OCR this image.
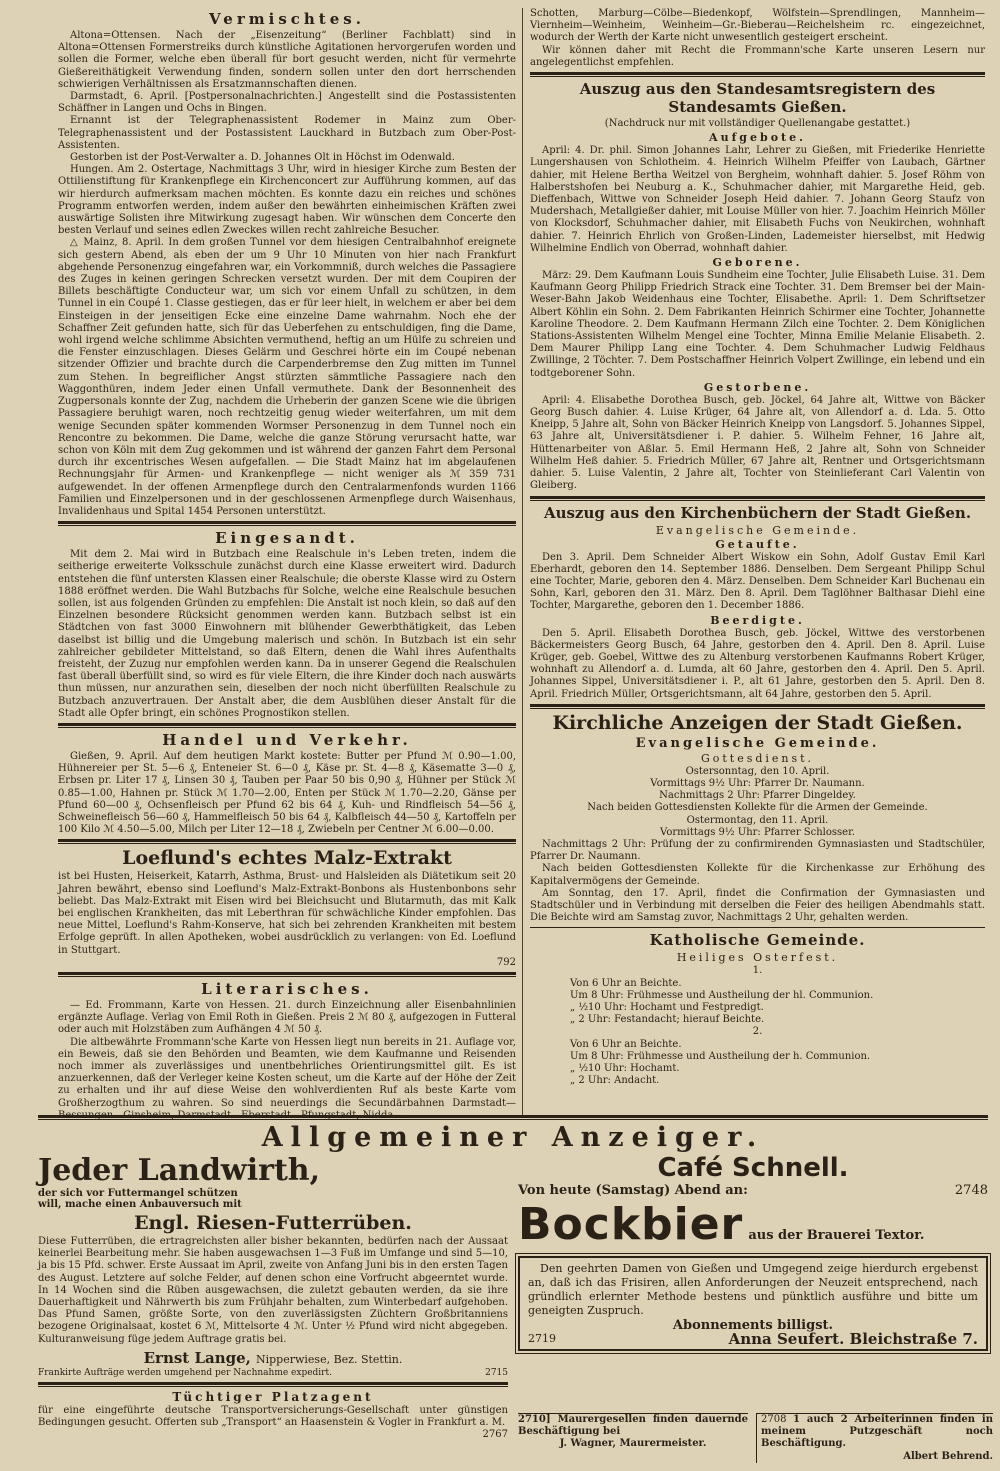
Vermischtes.

Altona=Ottensen. Nach der „Eisenzeitung“ (Berliner Fachblatt) sind in Altona=Ottensen Formerstreiks durch künstliche Agitationen hervorgerufen worden und sollen die Former, welche eben überall für bort gesucht werden, nicht für vermehrte Gießereithätigkeit Verwendung finden, sondern sollen unter den dort herrschenden schwierigen Verhältnissen als Ersatzmannschaften dienen.

Darmstadt, 6. April. [Postpersonalnachrichten.] Angestellt sind die Postassistenten Schäffner in Langen und Ochs in Bingen.

Ernannt ist der Telegraphenassistent Rodemer in Mainz zum Ober-Telegraphenassistent und der Postassistent Lauckhard in Butzbach zum Ober-Post-Assistenten.

Gestorben ist der Post-Verwalter a. D. Johannes Olt in Höchst im Odenwald.

Hungen. Am 2. Ostertage, Nachmittags 3 Uhr, wird in hiesiger Kirche zum Besten der Ottilienstiftung für Krankenpflege ein Kirchenconcert zur Aufführung kommen, auf das wir hierdurch aufmerksam machen möchten. Es konnte dazu ein reiches und schönes Programm entworfen werden, indem außer den bewährten einheimischen Kräften zwei auswärtige Solisten ihre Mitwirkung zugesagt haben. Wir wünschen dem Concerte den besten Verlauf und seines edlen Zweckes willen recht zahlreiche Besucher.

△ Mainz, 8. April. In dem großen Tunnel vor dem hiesigen Centralbahnhof ereignete sich gestern Abend, als eben der um 9 Uhr 10 Minuten von hier nach Frankfurt abgehende Personenzug eingefahren war, ein Vorkommniß, durch welches die Passagiere des Zuges in keinen geringen Schrecken versetzt wurden. Der mit dem Coupiren der Billets beschäftigte Conducteur war, um sich vor einem Unfall zu schützen, in dem Tunnel in ein Coupé 1. Classe gestiegen, das er für leer hielt, in welchem er aber bei dem Einsteigen in der jenseitigen Ecke eine einzelne Dame wahrnahm. Noch ehe der Schaffner Zeit gefunden hatte, sich für das Ueberfehen zu entschuldigen, fing die Dame, wohl irgend welche schlimme Absichten vermuthend, heftig an um Hülfe zu schreien und die Fenster einzuschlagen. Dieses Gelärm und Geschrei hörte ein im Coupé nebenan sitzender Offizier und brachte durch die Carpenderbremse den Zug mitten im Tunnel zum Stehen. In begreiflicher Angst stürzten sämmtliche Passagiere nach den Waggonthüren, indem Jeder einen Unfall vermuthete. Dank der Besonnenheit des Zugpersonals konnte der Zug, nachdem die Urheberin der ganzen Scene wie die übrigen Passagiere beruhigt waren, noch rechtzeitig genug wieder weiterfahren, um mit dem wenige Secunden später kommenden Wormser Personenzug in dem Tunnel noch ein Rencontre zu bekommen. Die Dame, welche die ganze Störung verursacht hatte, war schon von Köln mit dem Zug gekommen und ist während der ganzen Fahrt dem Personal durch ihr excentrisches Wesen aufgefallen. — Die Stadt Mainz hat im abgelaufenen Rechnungsjahr für Armen- und Krankenpflege — nicht weniger als ℳ 359 731 aufgewendet. In der offenen Armenpflege durch den Centralarmenfonds wurden 1166 Familien und Einzelpersonen und in der geschlossenen Armenpflege durch Waisenhaus, Invalidenhaus und Spital 1454 Personen unterstützt.

Eingesandt.

Mit dem 2. Mai wird in Butzbach eine Realschule in's Leben treten, indem die seitherige erweiterte Volksschule zunächst durch eine Klasse erweitert wird. Dadurch entstehen die fünf untersten Klassen einer Realschule; die oberste Klasse wird zu Ostern 1888 eröffnet werden. Die Wahl Butzbachs für Solche, welche eine Realschule besuchen sollen, ist aus folgenden Gründen zu empfehlen: Die Anstalt ist noch klein, so daß auf den Einzelnen besondere Rücksicht genommen werden kann. Butzbach selbst ist ein Städtchen von fast 3000 Einwohnern mit blühender Gewerbthätigkeit, das Leben daselbst ist billig und die Umgebung malerisch und schön. In Butzbach ist ein sehr zahlreicher gebildeter Mittelstand, so daß Eltern, denen die Wahl ihres Aufenthalts freisteht, der Zuzug nur empfohlen werden kann. Da in unserer Gegend die Realschulen fast überall überfüllt sind, so wird es für viele Eltern, die ihre Kinder doch nach auswärts thun müssen, nur anzurathen sein, dieselben der noch nicht überfüllten Realschule zu Butzbach anzuvertrauen. Der Anstalt aber, die dem Ausblühen dieser Anstalt für die Stadt alle Opfer bringt, ein schönes Prognostikon stellen.

Handel und Verkehr.

Gießen, 9. April. Auf dem heutigen Markt kostete: Butter per Pfund ℳ 0.90—1.00, Hühnereier per St. 5—6 ₰, Enteneier St. 6—0 ₰, Käse pr. St. 4—8 ₰, Käsematte 3—0 ₰, Erbsen pr. Liter 17 ₰, Linsen 30 ₰, Tauben per Paar 50 bis 0,90 ₰, Hühner per Stück ℳ 0.85—1.00, Hahnen pr. Stück ℳ 1.70—2.00, Enten per Stück ℳ 1.70—2.20, Gänse per Pfund 60—00 ₰, Ochsenfleisch per Pfund 62 bis 64 ₰, Kuh- und Rindfleisch 54—56 ₰, Schweinefleisch 56—60 ₰, Hammelfleisch 50 bis 64 ₰, Kalbfleisch 44—50 ₰, Kartoffeln per 100 Kilo ℳ 4.50—5.00, Milch per Liter 12—18 ₰, Zwiebeln per Centner ℳ 6.00—0.00.

Loeflund's echtes Malz-Extrakt

ist bei Husten, Heiserkeit, Katarrh, Asthma, Brust- und Halsleiden als Diätetikum seit 20 Jahren bewährt, ebenso sind Loeflund's Malz-Extrakt-Bonbons als Hustenbonbons sehr beliebt. Das Malz-Extrakt mit Eisen wird bei Bleichsucht und Blutarmuth, das mit Kalk bei englischen Krankheiten, das mit Leberthran für schwächliche Kinder empfohlen. Das neue Mittel, Loeflund's Rahm-Konserve, hat sich bei zehrenden Krankheiten mit bestem Erfolge geprüft. In allen Apotheken, wobei ausdrücklich zu verlangen: von Ed. Loeflund in Stuttgart.

792

Literarisches.

— Ed. Frommann, Karte von Hessen. 21. durch Einzeichnung aller Eisenbahnlinien ergänzte Auflage. Verlag von Emil Roth in Gießen. Preis 2 ℳ 80 ₰, aufgezogen in Futteral oder auch mit Holzstäben zum Aufhängen 4 ℳ 50 ₰.

Die altbewährte Frommann'sche Karte von Hessen liegt nun bereits in 21. Auflage vor, ein Beweis, daß sie den Behörden und Beamten, wie dem Kaufmanne und Reisenden noch immer als zuverlässiges und unentbehrliches Orientirungsmittel gilt. Es ist anzuerkennen, daß der Verleger keine Kosten scheut, um die Karte auf der Höhe der Zeit zu erhalten und ihr auf diese Weise den wohlverdienten Ruf als beste Karte vom Großherzogthum zu wahren. So sind neuerdings die Secundärbahnen Darmstadt—Bessungen—Ginsheim, Darmstadt—Eberstadt—Pfungstadt, Nidda—

Schotten, Marburg—Cölbe—Biedenkopf, Wölfstein—Sprendlingen, Mannheim—Viernheim—Weinheim, Weinheim—Gr.-Bieberau—Reichelsheim rc. eingezeichnet, wodurch der Werth der Karte nicht unwesentlich gesteigert erscheint.

Wir können daher mit Recht die Frommann'sche Karte unseren Lesern nur angelegentlichst empfehlen.

Auszug aus den Standesamtsregistern des Standesamts Gießen.

(Nachdruck nur mit vollständiger Quellenangabe gestattet.)

Aufgebote.

April: 4. Dr. phil. Simon Johannes Lahr, Lehrer zu Gießen, mit Friederike Henriette Lungershausen von Schlotheim. 4. Heinrich Wilhelm Pfeiffer von Laubach, Gärtner dahier, mit Helene Bertha Weitzel von Bergheim, wohnhaft dahier. 5. Josef Röhm von Halberstshofen bei Neuburg a. K., Schuhmacher dahier, mit Margarethe Heid, geb. Dieffenbach, Wittwe von Schneider Joseph Heid dahier. 7. Johann Georg Staufz von Mudershach, Metallgießer dahier, mit Louise Müller von hier. 7. Joachim Heinrich Möller von Klocksdorf, Schuhmacher dahier, mit Elisabeth Fuchs von Neukirchen, wohnhaft dahier. 7. Heinrich Ehrlich von Großen-Linden, Lademeister hierselbst, mit Hedwig Wilhelmine Endlich von Oberrad, wohnhaft dahier.

Geborene.

März: 29. Dem Kaufmann Louis Sundheim eine Tochter, Julie Elisabeth Luise. 31. Dem Kaufmann Georg Philipp Friedrich Strack eine Tochter. 31. Dem Bremser bei der Main-Weser-Bahn Jakob Weidenhaus eine Tochter, Elisabethe. April: 1. Dem Schriftsetzer Albert Köhlin ein Sohn. 2. Dem Fabrikanten Heinrich Schirmer eine Tochter, Johannette Karoline Theodore. 2. Dem Kaufmann Hermann Zilch eine Tochter. 2. Dem Königlichen Stations-Assistenten Wilhelm Mengel eine Tochter, Minna Emilie Melanie Elisabeth. 2. Dem Maurer Philipp Lang eine Tochter. 4. Dem Schuhmacher Ludwig Feldhaus Zwillinge, 2 Töchter. 7. Dem Postschaffner Heinrich Volpert Zwillinge, ein lebend und ein todtgeborener Sohn.

Gestorbene.

April: 4. Elisabethe Dorothea Busch, geb. Jöckel, 64 Jahre alt, Wittwe von Bäcker Georg Busch dahier. 4. Luise Krüger, 64 Jahre alt, von Allendorf a. d. Lda. 5. Otto Kneipp, 5 Jahre alt, Sohn von Bäcker Heinrich Kneipp von Langsdorf. 5. Johannes Sippel, 63 Jahre alt, Universitätsdiener i. P. dahier. 5. Wilhelm Fehner, 16 Jahre alt, Hüttenarbeiter von Aßlar. 5. Emil Hermann Heß, 2 Jahre alt, Sohn von Schneider Wilhelm Heß dahier. 5. Friedrich Müller, 67 Jahre alt, Rentner und Ortsgerichtsmann dahier. 5. Luise Valentin, 2 Jahre alt, Tochter von Steinlieferant Carl Valentin von Gleiberg.

Auszug aus den Kirchenbüchern der Stadt Gießen.
Evangelische Gemeinde.
Getaufte.

Den 3. April. Dem Schneider Albert Wiskow ein Sohn, Adolf Gustav Emil Karl Eberhardt, geboren den 14. September 1886. Denselben. Dem Sergeant Philipp Schul eine Tochter, Marie, geboren den 4. März. Denselben. Dem Schneider Karl Buchenau ein Sohn, Karl, geboren den 31. März. Den 8. April. Dem Taglöhner Balthasar Diehl eine Tochter, Margarethe, geboren den 1. December 1886.

Beerdigte.

Den 5. April. Elisabeth Dorothea Busch, geb. Jöckel, Wittwe des verstorbenen Bäckermeisters Georg Busch, 64 Jahre, gestorben den 4. April. Den 8. April. Luise Krüger, geb. Goebel, Wittwe des zu Altenburg verstorbenen Kaufmanns Robert Krüger, wohnhaft zu Allendorf a. d. Lumda, alt 60 Jahre, gestorben den 4. April. Den 5. April. Johannes Sippel, Universitätsdiener i. P., alt 61 Jahre, gestorben den 5. April. Den 8. April. Friedrich Müller, Ortsgerichtsmann, alt 64 Jahre, gestorben den 5. April.

Kirchliche Anzeigen der Stadt Gießen.
Evangelische Gemeinde.
Gottesdienst.

Ostersonntag, den 10. April.

Vormittags 9½ Uhr: Pfarrer Dr. Naumann.

Nachmittags 2 Uhr: Pfarrer Dingeldey.

Nach beiden Gottesdiensten Kollekte für die Armen der Gemeinde.

Ostermontag, den 11. April.

Vormittags 9½ Uhr: Pfarrer Schlosser.

Nachmittags 2 Uhr: Prüfung der zu confirmirenden Gymnasiasten und Stadtschüler, Pfarrer Dr. Naumann.

Nach beiden Gottesdiensten Kollekte für die Kirchenkasse zur Erhöhung des Kapitalvermögens der Gemeinde.

Am Sonntag, den 17. April, findet die Confirmation der Gymnasiasten und Stadtschüler und in Verbindung mit derselben die Feier des heiligen Abendmahls statt. Die Beichte wird am Samstag zuvor, Nachmittags 2 Uhr, gehalten werden.

Katholische Gemeinde.
Heiliges Osterfest.

1.

Von 6 Uhr an Beichte.

Um 8 Uhr: Frühmesse und Austheilung der hl. Communion.

„ ½10 Uhr: Hochamt und Festpredigt.

„ 2 Uhr: Festandacht; hierauf Beichte.

2.

Von 6 Uhr an Beichte.

Um 8 Uhr: Frühmesse und Austheilung der h. Communion.

„ ½10 Uhr: Hochamt.

„ 2 Uhr: Andacht.

Allgemeiner Anzeiger.
Jeder Landwirth, der sich vor Futtermangel schützen will, mache einen Anbauversuch mit
Engl. Riesen-Futterrüben.

Diese Futterrüben, die ertragreichsten aller bisher bekannten, bedürfen nach der Aussaat keinerlei Bearbeitung mehr. Sie haben ausgewachsen 1—3 Fuß im Umfange und sind 5—10, ja bis 15 Pfd. schwer. Erste Aussaat im April, zweite von Anfang Juni bis in den ersten Tagen des August. Letztere auf solche Felder, auf denen schon eine Vorfrucht abgeerntet wurde. In 14 Wochen sind die Rüben ausgewachsen, die zuletzt gebauten werden, da sie ihre Dauerhaftigkeit und Nährwerth bis zum Frühjahr behalten, zum Winterbedarf aufgehoben. Das Pfund Samen, größte Sorte, von den zuverlässigsten Züchtern Großbritanniens bezogene Originalsaat, kostet 6 ℳ, Mittelsorte 4 ℳ. Unter ½ Pfund wird nicht abgegeben. Kulturanweisung füge jedem Auftrage gratis bei.

Ernst Lange, Nipperwiese, Bez. Stettin.

Frankirte Aufträge werden umgehend per Nachnahme expedirt.	2715

Tüchtiger Platzagent

für eine eingeführte deutsche Transportversicherungs-Gesellschaft unter günstigen Bedingungen gesucht. Offerten sub „Transport“ an Haasenstein & Vogler in Frankfurt a. M.

2767

Café Schnell.

Von heute (Samstag) Abend an:	2748

Bockbier aus der Brauerei Textor.

Den geehrten Damen von Gießen und Umgegend zeige hierdurch ergebenst an, daß ich das Frisiren, allen Anforderungen der Neuzeit entsprechend, nach gründlich erlernter Methode bestens und pünktlich ausführe und bitte um geneigten Zuspruch.

Abonnements billigst.

2719	Anna Seufert. Bleichstraße 7.

2710] Maurergesellen finden dauernde Beschäftigung bei

J. Wagner, Maurermeister.

2708 1 auch 2 Arbeiterinnen finden in meinem Putzgeschäft noch Beschäftigung.

Albert Behrend.
